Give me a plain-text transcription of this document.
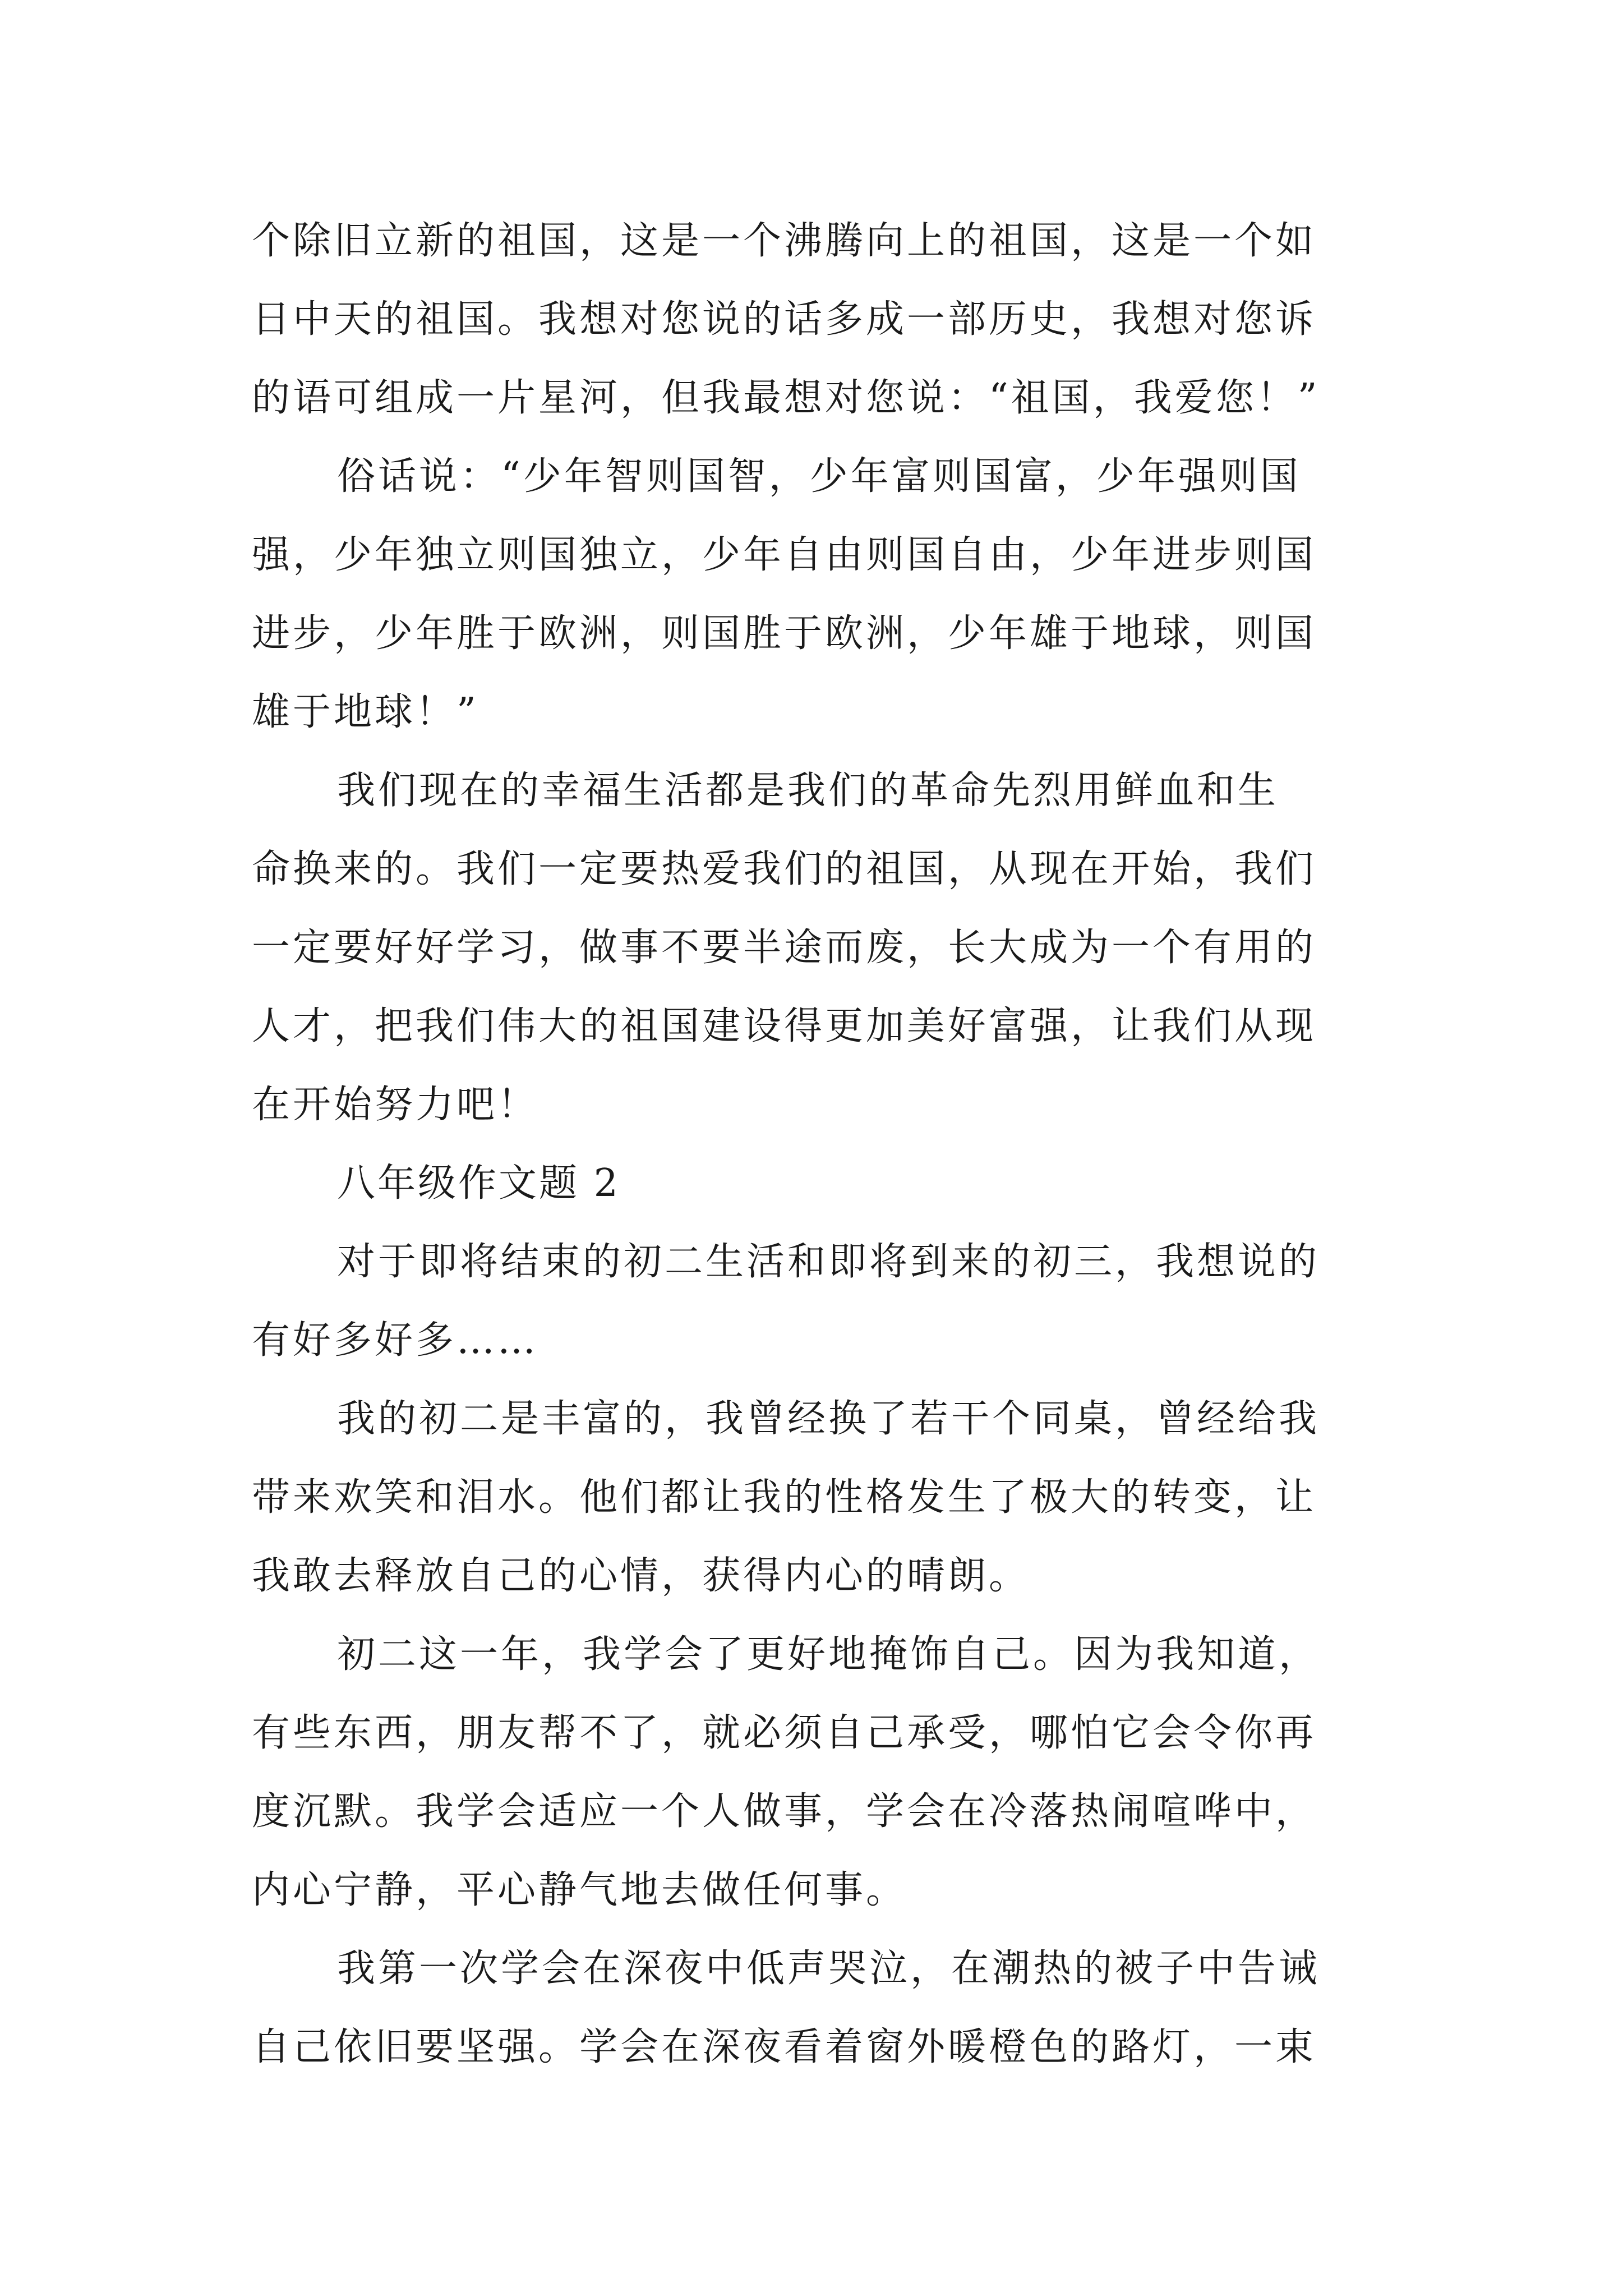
个除旧立新的祖国，这是一个沸腾向上的祖国，这是一个如
日中天的祖国。我想对您说的话多成一部历史，我想对您诉
的语可组成一片星河，但我最想对您说：“祖国，我爱您！”
俗话说：“少年智则国智，少年富则国富，少年强则国
强，少年独立则国独立，少年自由则国自由，少年进步则国
进步，少年胜于欧洲，则国胜于欧洲，少年雄于地球，则国
雄于地球！”
我们现在的幸福生活都是我们的革命先烈用鲜血和生
命换来的。我们一定要热爱我们的祖国，从现在开始，我们
一定要好好学习，做事不要半途而废，长大成为一个有用的
人才，把我们伟大的祖国建设得更加美好富强，让我们从现
在开始努力吧！
八年级作文题 2
对于即将结束的初二生活和即将到来的初三，我想说的
有好多好多……
我的初二是丰富的，我曾经换了若干个同桌，曾经给我
带来欢笑和泪水。他们都让我的性格发生了极大的转变，让
我敢去释放自己的心情，获得内心的晴朗。
初二这一年，我学会了更好地掩饰自己。因为我知道，
有些东西，朋友帮不了，就必须自己承受，哪怕它会令你再
度沉默。我学会适应一个人做事，学会在冷落热闹喧哗中，
内心宁静，平心静气地去做任何事。
我第一次学会在深夜中低声哭泣，在潮热的被子中告诫
自己依旧要坚强。学会在深夜看着窗外暖橙色的路灯，一束
